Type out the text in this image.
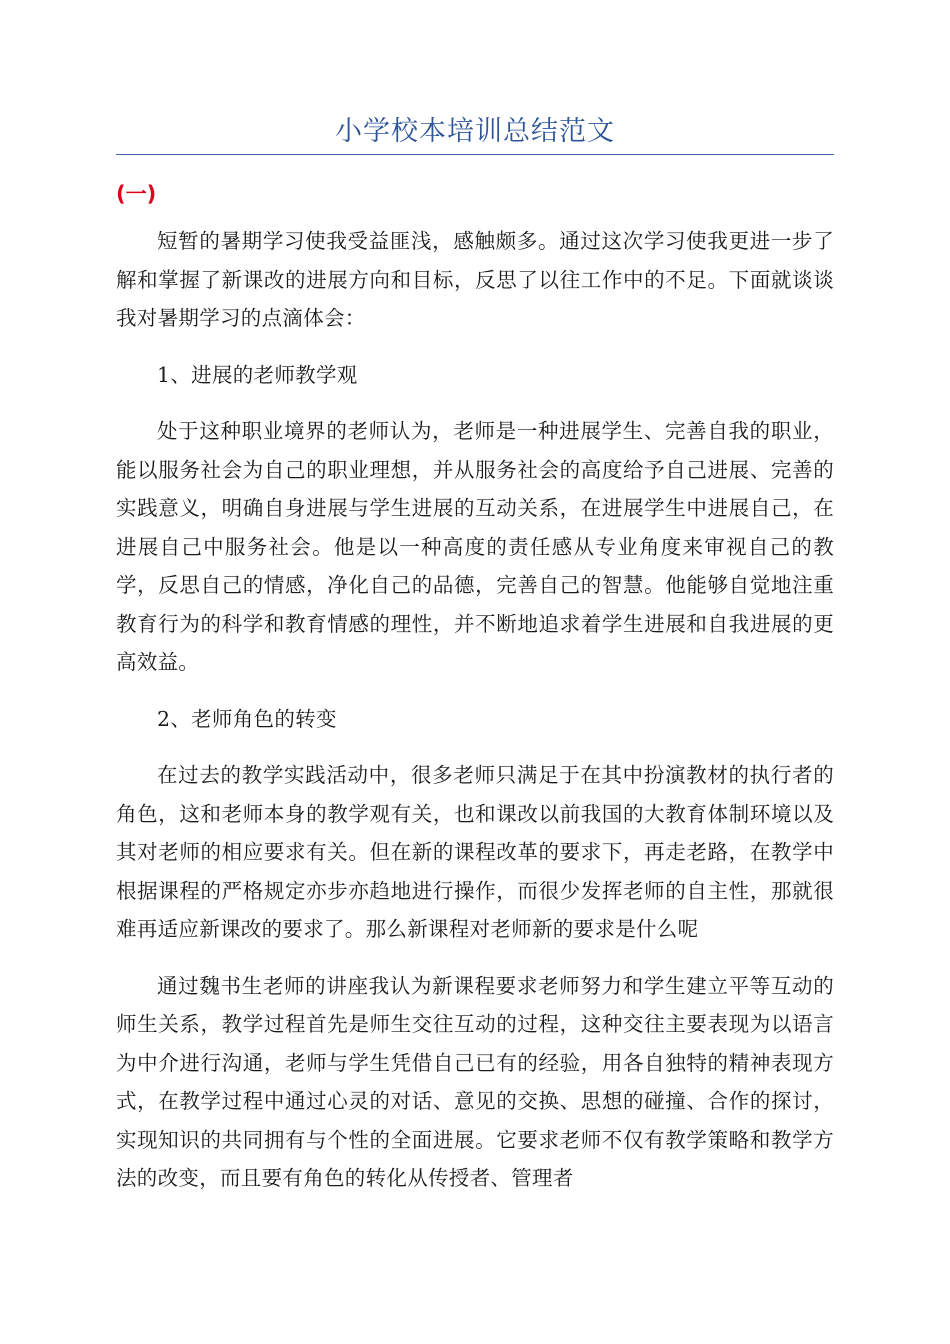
小学校本培训总结范文
(一)

短暂的暑期学习使我受益匪浅，感触颇多。通过这次学习使我更进一步了解和掌握了新课改的进展方向和目标，反思了以往工作中的不足。下面就谈谈我对暑期学习的点滴体会：

1、进展的老师教学观

处于这种职业境界的老师认为，老师是一种进展学生、完善自我的职业，能以服务社会为自己的职业理想，并从服务社会的高度给予自己进展、完善的实践意义，明确自身进展与学生进展的互动关系，在进展学生中进展自己，在进展自己中服务社会。他是以一种高度的责任感从专业角度来审视自己的教学，反思自己的情感，净化自己的品德，完善自己的智慧。他能够自觉地注重教育行为的科学和教育情感的理性，并不断地追求着学生进展和自我进展的更高效益。

2、老师角色的转变

在过去的教学实践活动中，很多老师只满足于在其中扮演教材的执行者的角色，这和老师本身的教学观有关，也和课改以前我国的大教育体制环境以及其对老师的相应要求有关。但在新的课程改革的要求下，再走老路，在教学中根据课程的严格规定亦步亦趋地进行操作，而很少发挥老师的自主性，那就很难再适应新课改的要求了。那么新课程对老师新的要求是什么呢

通过魏书生老师的讲座我认为新课程要求老师努力和学生建立平等互动的师生关系，教学过程首先是师生交往互动的过程，这种交往主要表现为以语言为中介进行沟通，老师与学生凭借自己已有的经验，用各自独特的精神表现方式，在教学过程中通过心灵的对话、意见的交换、思想的碰撞、合作的探讨，实现知识的共同拥有与个性的全面进展。它要求老师不仅有教学策略和教学方法的改变，而且要有角色的转化从传授者、管理者
